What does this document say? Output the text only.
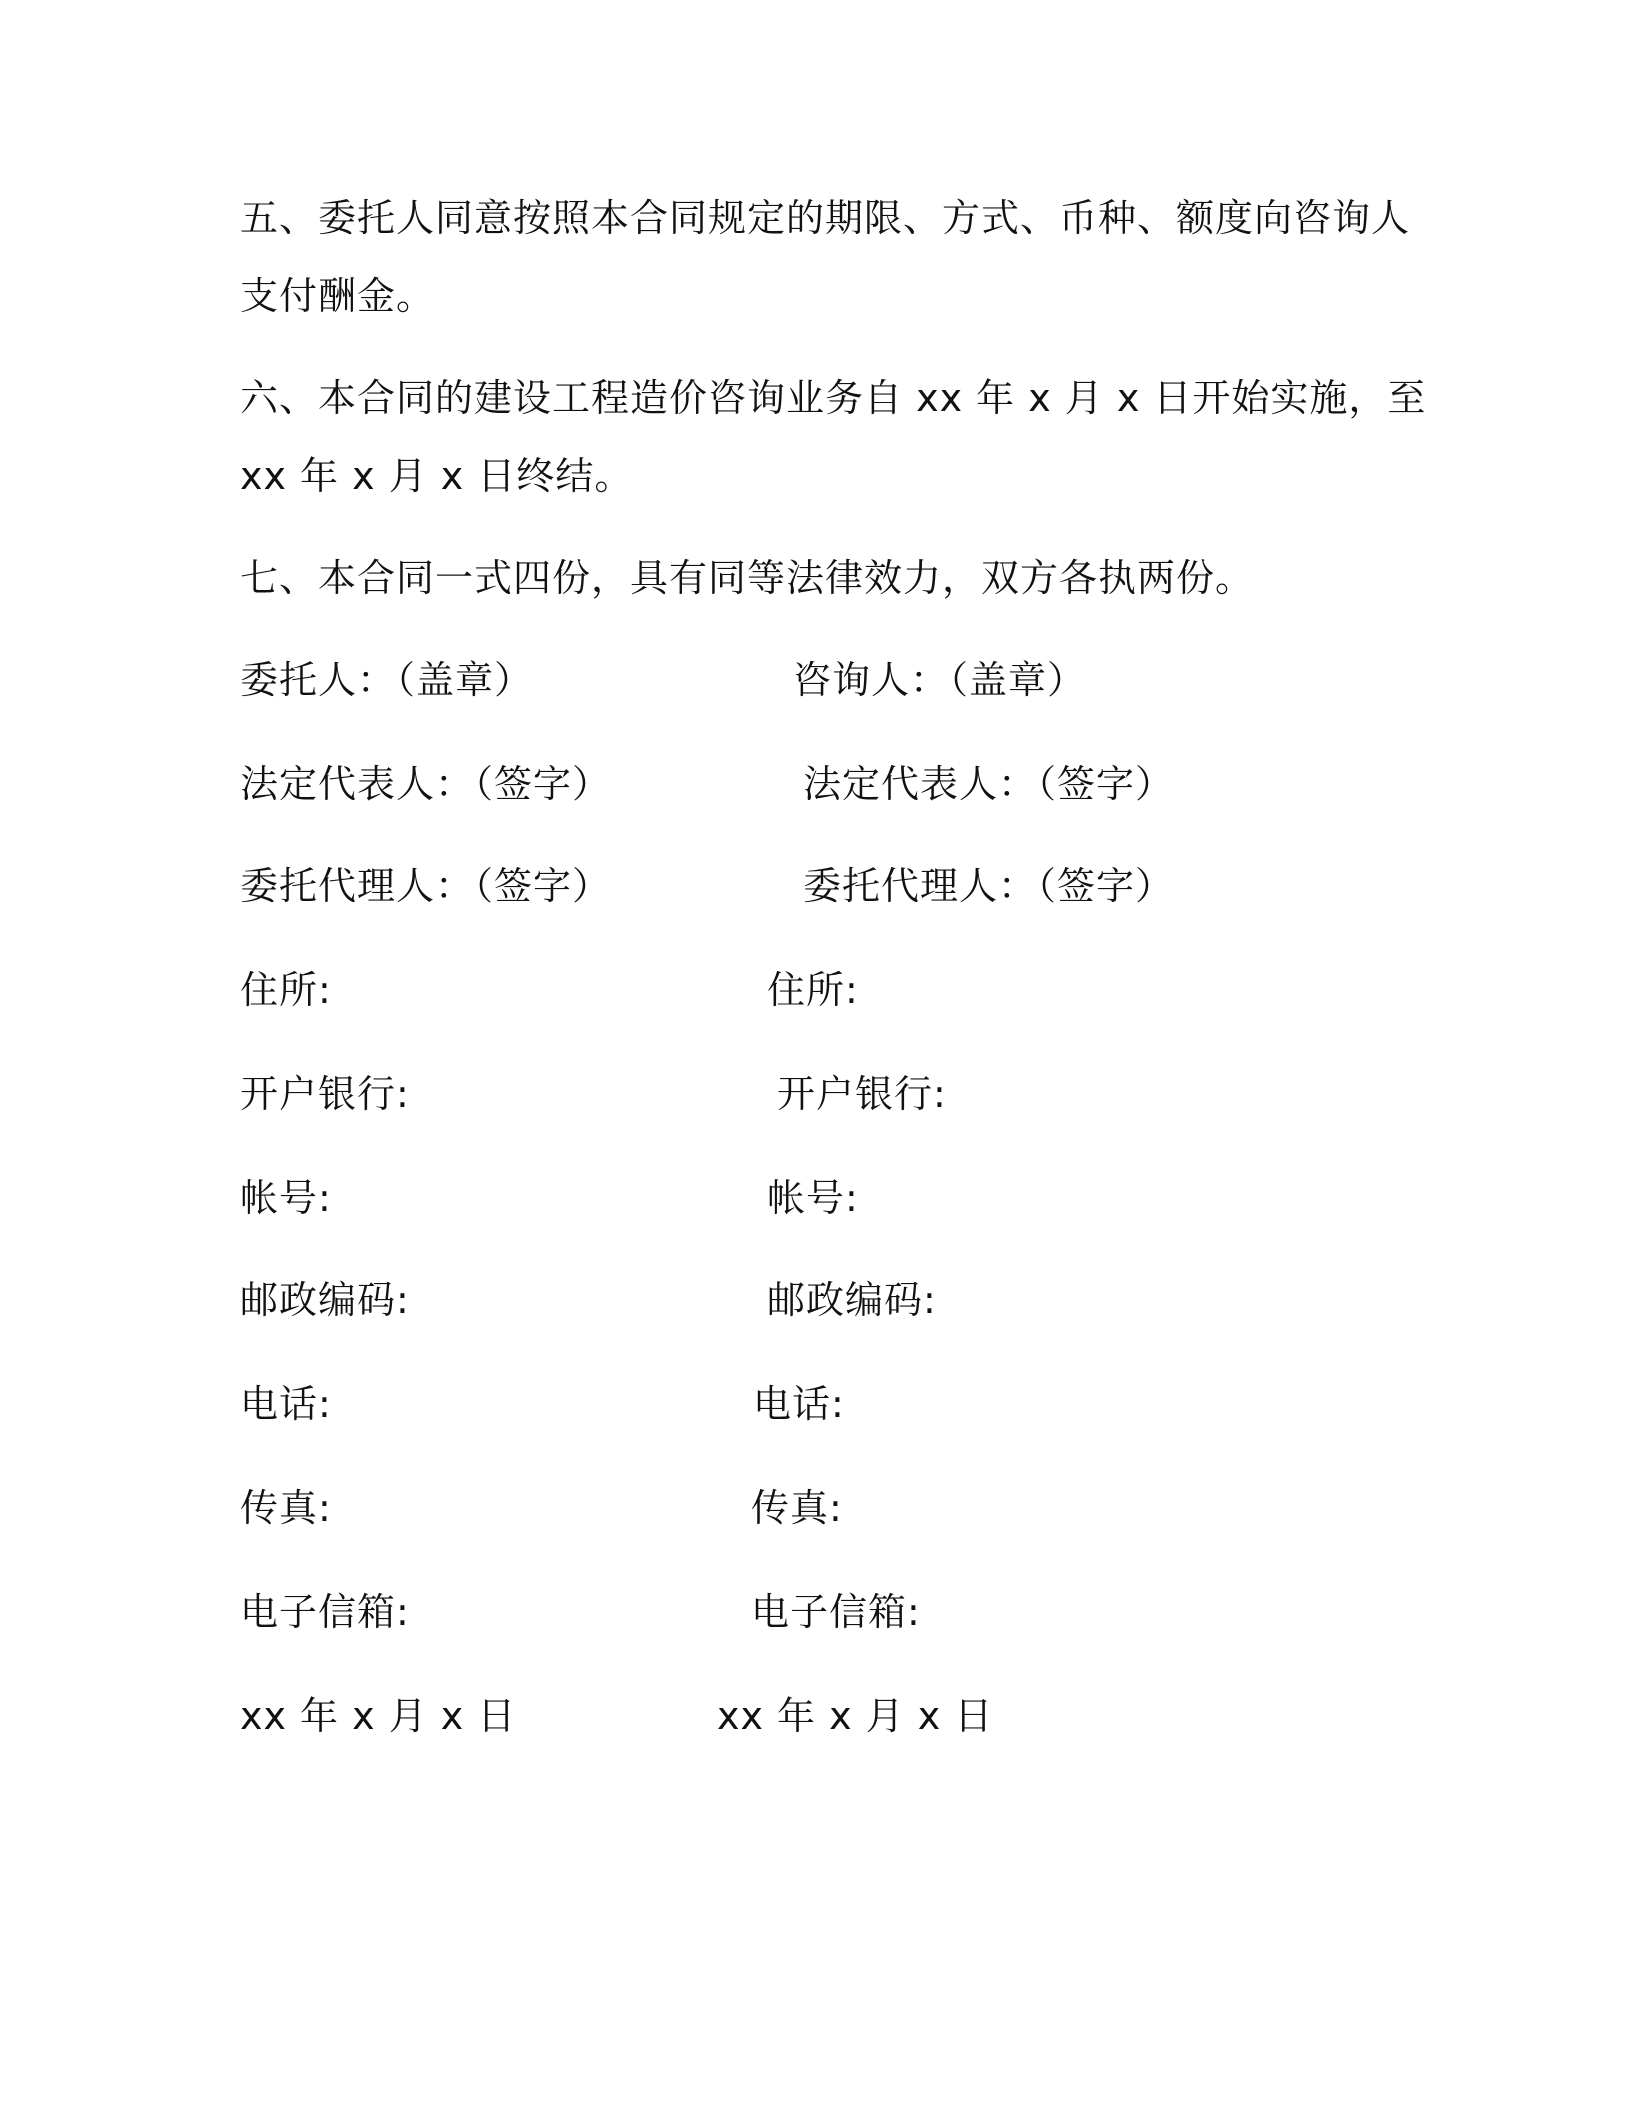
五、委托人同意按照本合同规定的期限、方式、币种、额度向咨询人
支付酬金。
六、本合同的建设工程造价咨询业务自 xx 年 x 月 x 日开始实施，至
xx 年 x 月 x 日终结。
七、本合同一式四份，具有同等法律效力，双方各执两份。
委托人：（盖章）	咨询人：（盖章）
法定代表人：（签字）	法定代表人：（签字）
委托代理人：（签字）	委托代理人：（签字）
住所:	住所:
开户银行:	开户银行:
帐号:	帐号:
邮政编码:	邮政编码:
电话:	电话:
传真:	传真:
电子信箱:	电子信箱:
xx 年 x 月 x 日	xx 年 x 月 x 日
